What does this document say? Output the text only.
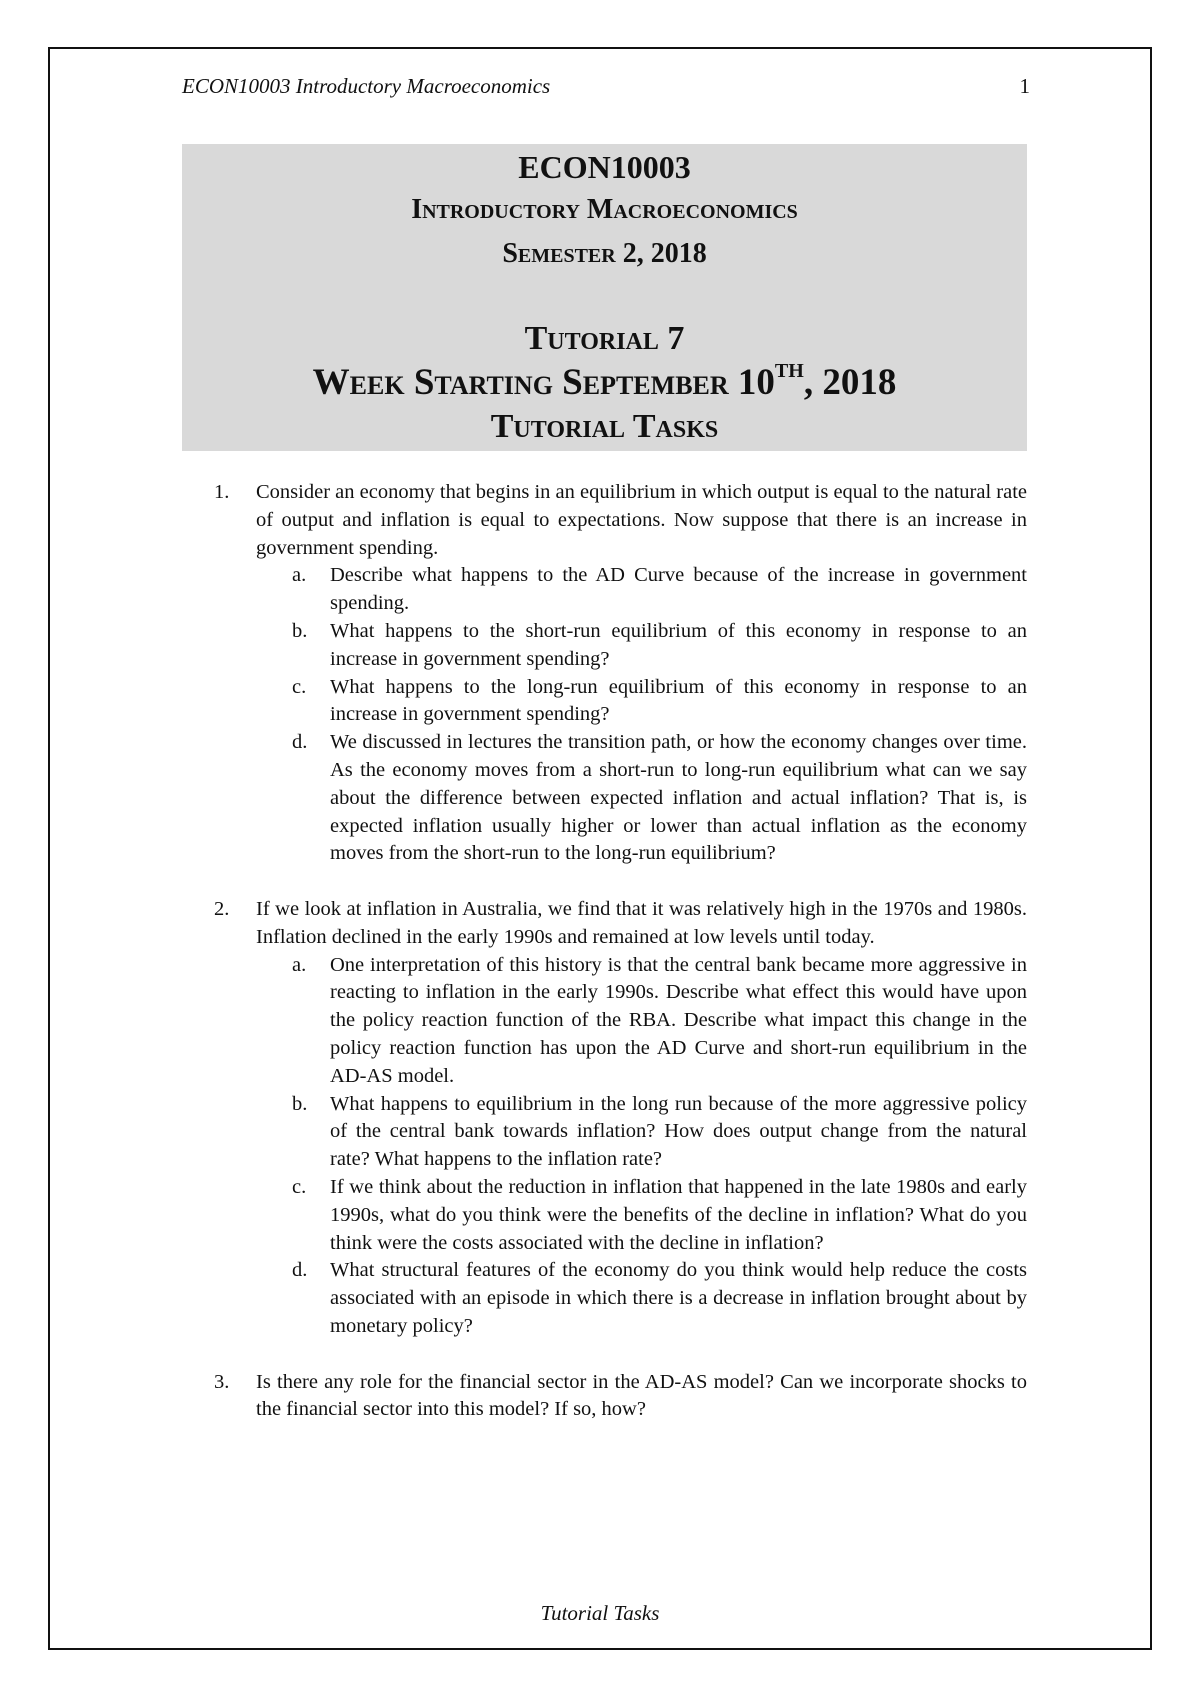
ECON10003 Introductory Macroeconomics	1
ECON10003
Introductory Macroeconomics
Semester 2, 2018
Tutorial 7
Week Starting September 10TH, 2018
Tutorial Tasks
1. Consider an economy that begins in an equilibrium in which output is equal to the natural rate of output and inflation is equal to expectations. Now suppose that there is an increase in government spending.
a. Describe what happens to the AD Curve because of the increase in government spending.
b. What happens to the short-run equilibrium of this economy in response to an increase in government spending?
c. What happens to the long-run equilibrium of this economy in response to an increase in government spending?
d. We discussed in lectures the transition path, or how the economy changes over time. As the economy moves from a short-run to long-run equilibrium what can we say about the difference between expected inflation and actual inflation? That is, is expected inflation usually higher or lower than actual inflation as the economy moves from the short-run to the long-run equilibrium?
2. If we look at inflation in Australia, we find that it was relatively high in the 1970s and 1980s. Inflation declined in the early 1990s and remained at low levels until today.
a. One interpretation of this history is that the central bank became more aggressive in reacting to inflation in the early 1990s. Describe what effect this would have upon the policy reaction function of the RBA. Describe what impact this change in the policy reaction function has upon the AD Curve and short-run equilibrium in the AD-AS model.
b. What happens to equilibrium in the long run because of the more aggressive policy of the central bank towards inflation? How does output change from the natural rate? What happens to the inflation rate?
c. If we think about the reduction in inflation that happened in the late 1980s and early 1990s, what do you think were the benefits of the decline in inflation? What do you think were the costs associated with the decline in inflation?
d. What structural features of the economy do you think would help reduce the costs associated with an episode in which there is a decrease in inflation brought about by monetary policy?
3. Is there any role for the financial sector in the AD-AS model? Can we incorporate shocks to the financial sector into this model? If so, how?
Tutorial Tasks
